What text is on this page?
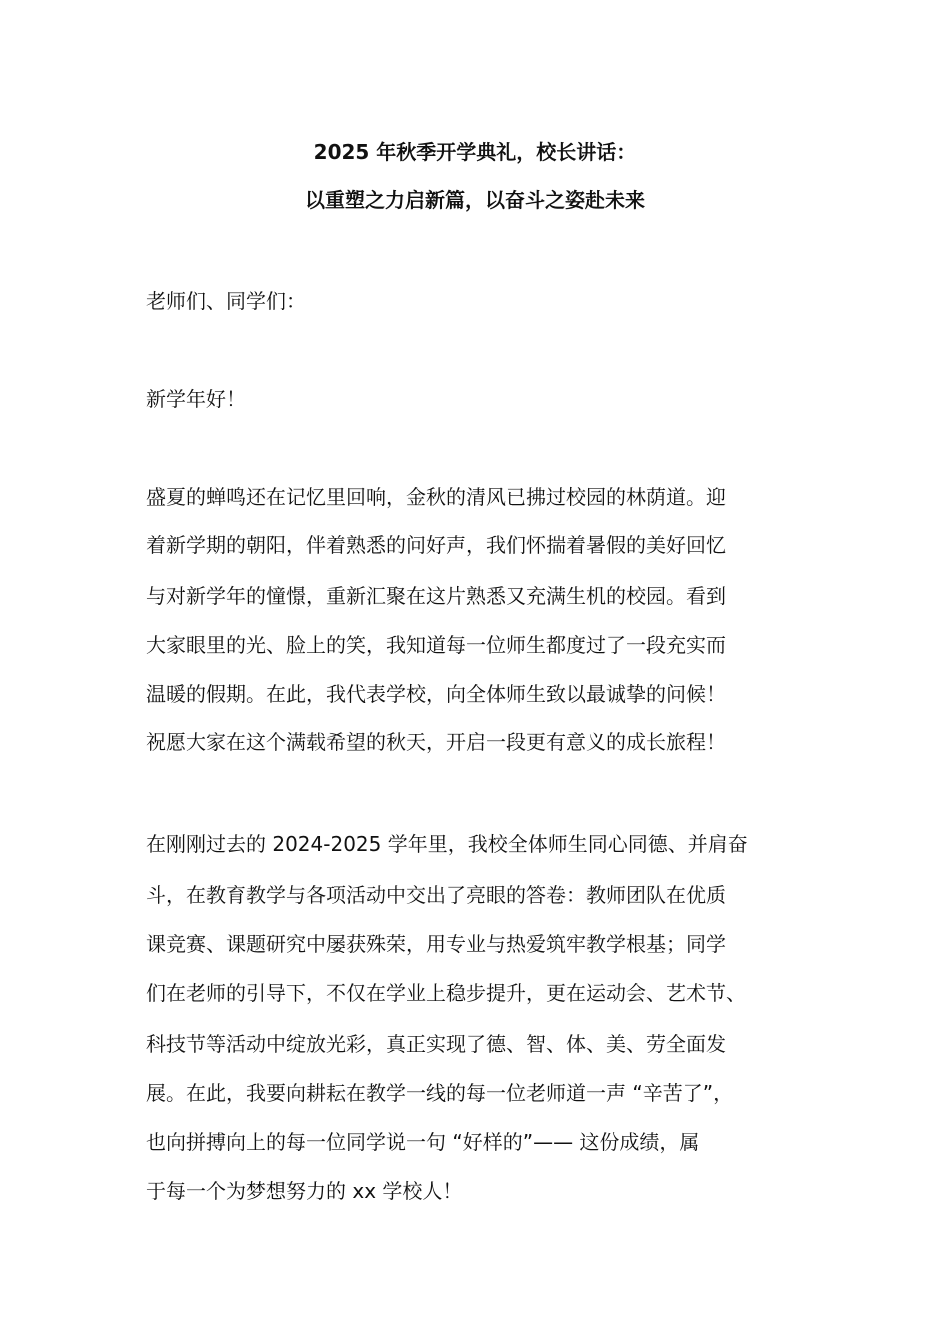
2025 年秋季开学典礼，校长讲话：
以重塑之力启新篇，以奋斗之姿赴未来
老师们、同学们：
新学年好！
盛夏的蝉鸣还在记忆里回响，金秋的清风已拂过校园的林荫道。迎
着新学期的朝阳，伴着熟悉的问好声，我们怀揣着暑假的美好回忆
与对新学年的憧憬，重新汇聚在这片熟悉又充满生机的校园。看到
大家眼里的光、脸上的笑，我知道每一位师生都度过了一段充实而
温暖的假期。在此，我代表学校，向全体师生致以最诚挚的问候！
祝愿大家在这个满载希望的秋天，开启一段更有意义的成长旅程！
在刚刚过去的 2024-2025 学年里，我校全体师生同心同德、并肩奋
斗，在教育教学与各项活动中交出了亮眼的答卷：教师团队在优质
课竞赛、课题研究中屡获殊荣，用专业与热爱筑牢教学根基；同学
们在老师的引导下，不仅在学业上稳步提升，更在运动会、艺术节、
科技节等活动中绽放光彩，真正实现了德、智、体、美、劳全面发
展。在此，我要向耕耘在教学一线的每一位老师道一声 “辛苦了”，
也向拼搏向上的每一位同学说一句 “好样的”—— 这份成绩，属
于每一个为梦想努力的 xx 学校人！
